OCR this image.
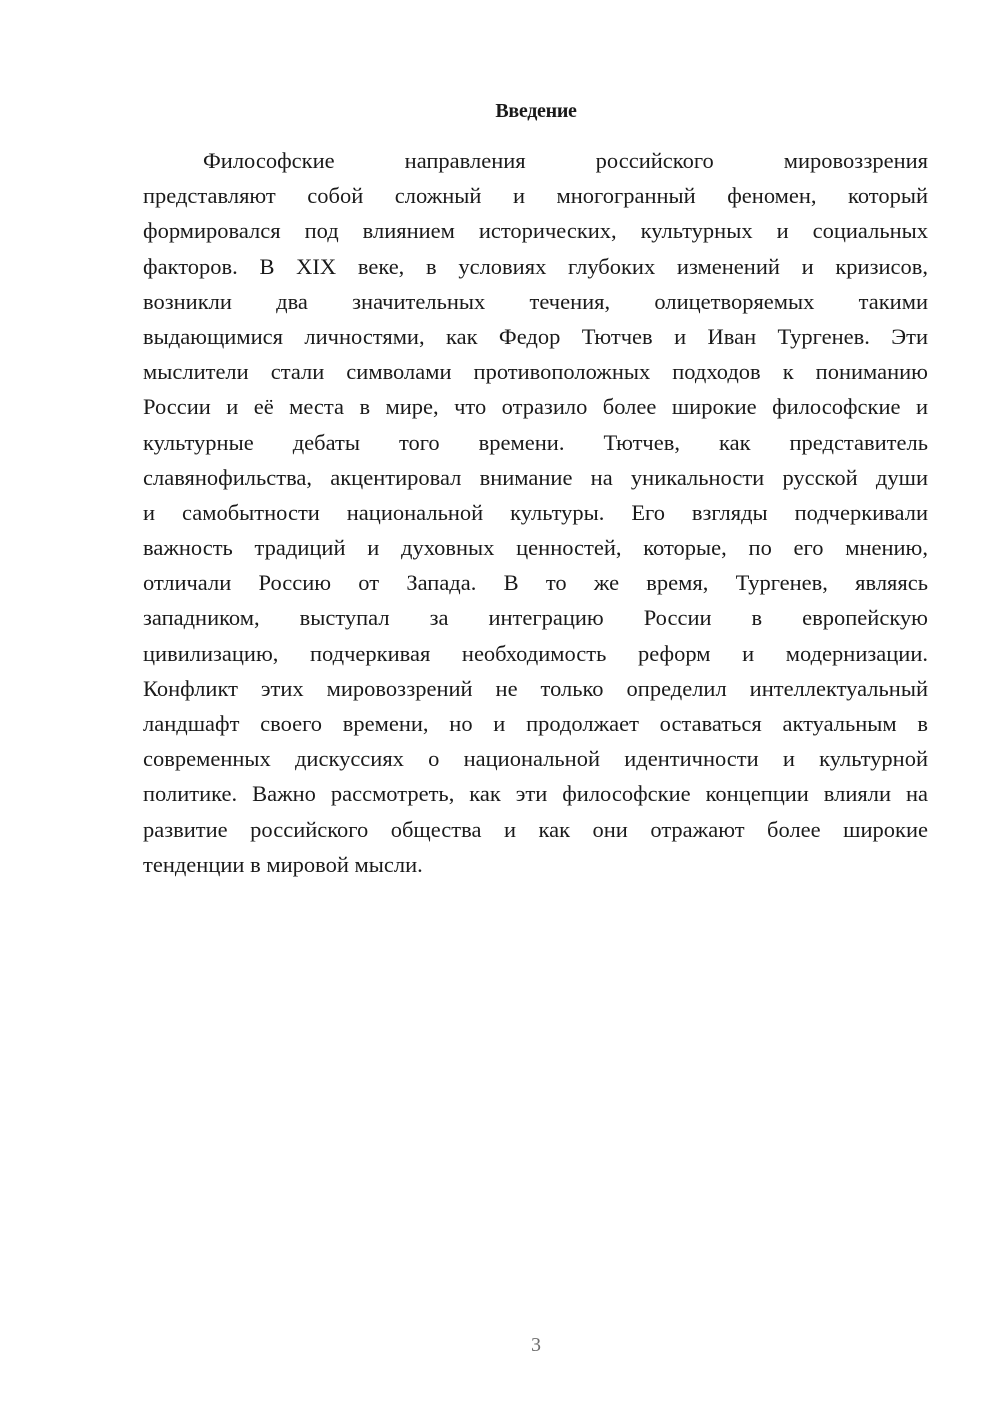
Введение
Философские направления российского мировоззрения
представляют собой сложный и многогранный феномен, который
формировался под влиянием исторических, культурных и социальных
факторов. В XIX веке, в условиях глубоких изменений и кризисов,
возникли два значительных течения, олицетворяемых такими
выдающимися личностями, как Федор Тютчев и Иван Тургенев. Эти
мыслители стали символами противоположных подходов к пониманию
России и её места в мире, что отразило более широкие философские и
культурные дебаты того времени. Тютчев, как представитель
славянофильства, акцентировал внимание на уникальности русской души
и самобытности национальной культуры. Его взгляды подчеркивали
важность традиций и духовных ценностей, которые, по его мнению,
отличали Россию от Запада. В то же время, Тургенев, являясь
западником, выступал за интеграцию России в европейскую
цивилизацию, подчеркивая необходимость реформ и модернизации.
Конфликт этих мировоззрений не только определил интеллектуальный
ландшафт своего времени, но и продолжает оставаться актуальным в
современных дискуссиях о национальной идентичности и культурной
политике. Важно рассмотреть, как эти философские концепции влияли на
развитие российского общества и как они отражают более широкие
тенденции в мировой мысли.
3
